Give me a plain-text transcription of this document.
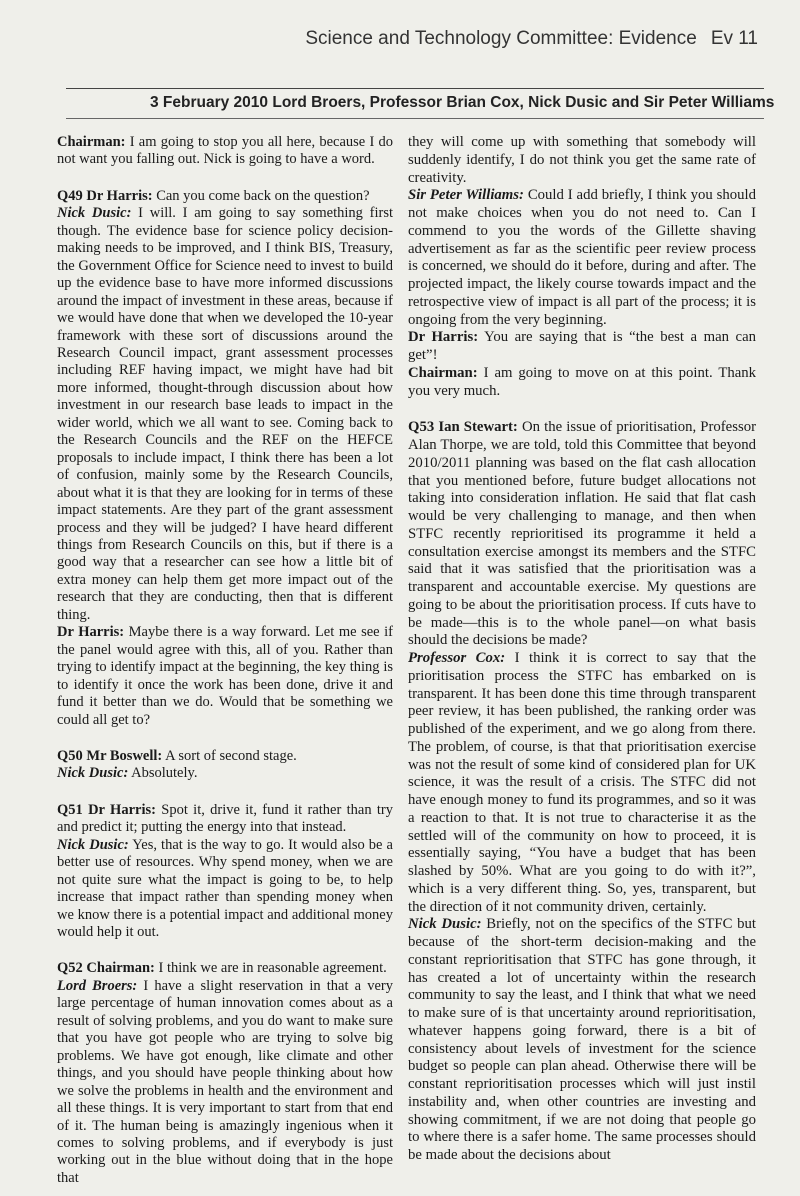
Science and Technology Committee: Evidence Ev 11
3 February 2010 Lord Broers, Professor Brian Cox, Nick Dusic and Sir Peter Williams

Chairman: I am going to stop you all here, because I do not want you falling out. Nick is going to have a word.

Q49 Dr Harris: Can you come back on the question?

Nick Dusic: I will. I am going to say something first though. The evidence base for science policy decision-making needs to be improved, and I think BIS, Treasury, the Government Office for Science need to invest to build up the evidence base to have more informed discussions around the impact of investment in these areas, because if we would have done that when we developed the 10-year framework with these sort of discussions around the Research Council impact, grant assessment processes including REF having impact, we might have had bit more informed, thought-through discussion about how investment in our research base leads to impact in the wider world, which we all want to see. Coming back to the Research Councils and the REF on the HEFCE proposals to include impact, I think there has been a lot of confusion, mainly some by the Research Councils, about what it is that they are looking for in terms of these impact statements. Are they part of the grant assessment process and they will be judged? I have heard different things from Research Councils on this, but if there is a good way that a researcher can see how a little bit of extra money can help them get more impact out of the research that they are conducting, then that is different thing.

Dr Harris: Maybe there is a way forward. Let me see if the panel would agree with this, all of you. Rather than trying to identify impact at the beginning, the key thing is to identify it once the work has been done, drive it and fund it better than we do. Would that be something we could all get to?

Q50 Mr Boswell: A sort of second stage.

Nick Dusic: Absolutely.

Q51 Dr Harris: Spot it, drive it, fund it rather than try and predict it; putting the energy into that instead.

Nick Dusic: Yes, that is the way to go. It would also be a better use of resources. Why spend money, when we are not quite sure what the impact is going to be, to help increase that impact rather than spending money when we know there is a potential impact and additional money would help it out.

Q52 Chairman: I think we are in reasonable agreement.

Lord Broers: I have a slight reservation in that a very large percentage of human innovation comes about as a result of solving problems, and you do want to make sure that you have got people who are trying to solve big problems. We have got enough, like climate and other things, and you should have people thinking about how we solve the problems in health and the environment and all these things. It is very important to start from that end of it. The human being is amazingly ingenious when it comes to solving problems, and if everybody is just working out in the blue without doing that in the hope that

they will come up with something that somebody will suddenly identify, I do not think you get the same rate of creativity.

Sir Peter Williams: Could I add briefly, I think you should not make choices when you do not need to. Can I commend to you the words of the Gillette shaving advertisement as far as the scientific peer review process is concerned, we should do it before, during and after. The projected impact, the likely course towards impact and the retrospective view of impact is all part of the process; it is ongoing from the very beginning.

Dr Harris: You are saying that is “the best a man can get”!

Chairman: I am going to move on at this point. Thank you very much.

Q53 Ian Stewart: On the issue of prioritisation, Professor Alan Thorpe, we are told, told this Committee that beyond 2010/2011 planning was based on the flat cash allocation that you mentioned before, future budget allocations not taking into consideration inflation. He said that flat cash would be very challenging to manage, and then when STFC recently reprioritised its programme it held a consultation exercise amongst its members and the STFC said that it was satisfied that the prioritisation was a transparent and accountable exercise. My questions are going to be about the prioritisation process. If cuts have to be made—this is to the whole panel—on what basis should the decisions be made?

Professor Cox: I think it is correct to say that the prioritisation process the STFC has embarked on is transparent. It has been done this time through transparent peer review, it has been published, the ranking order was published of the experiment, and we go along from there. The problem, of course, is that that prioritisation exercise was not the result of some kind of considered plan for UK science, it was the result of a crisis. The STFC did not have enough money to fund its programmes, and so it was a reaction to that. It is not true to characterise it as the settled will of the community on how to proceed, it is essentially saying, “You have a budget that has been slashed by 50%. What are you going to do with it?”, which is a very different thing. So, yes, transparent, but the direction of it not community driven, certainly.

Nick Dusic: Briefly, not on the specifics of the STFC but because of the short-term decision-making and the constant reprioritisation that STFC has gone through, it has created a lot of uncertainty within the research community to say the least, and I think that what we need to make sure of is that uncertainty around reprioritisation, whatever happens going forward, there is a bit of consistency about levels of investment for the science budget so people can plan ahead. Otherwise there will be constant reprioritisation processes which will just instil instability and, when other countries are investing and showing commitment, if we are not doing that people go to where there is a safer home. The same processes should be made about the decisions about
